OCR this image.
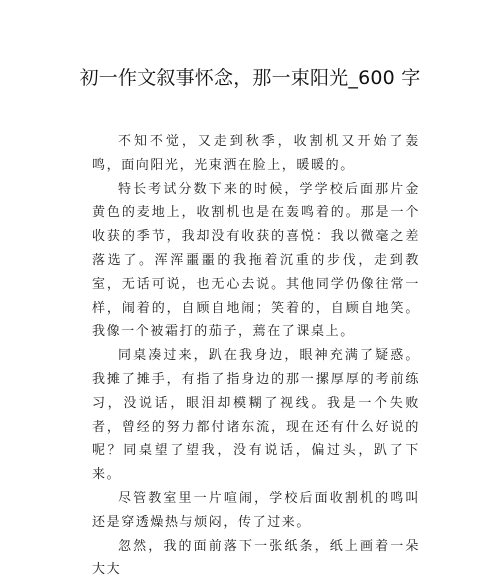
初一作文叙事怀念，那一束阳光_600 字

不知不觉，又走到秋季，收割机又开始了轰鸣，面向阳光，光束洒在脸上，暖暖的。

特长考试分数下来的时候，学学校后面那片金黄色的麦地上，收割机也是在轰鸣着的。那是一个收获的季节，我却没有收获的喜悦：我以微毫之差落选了。浑浑噩噩的我拖着沉重的步伐，走到教室，无话可说，也无心去说。其他同学仍像往常一样，闹着的，自顾自地闹；笑着的，自顾自地笑。我像一个被霜打的茄子，蔫在了课桌上。

同桌凑过来，趴在我身边，眼神充满了疑惑。我摊了摊手，有指了指身边的那一摞厚厚的考前练习，没说话，眼泪却模糊了视线。我是一个失败者，曾经的努力都付诸东流，现在还有什么好说的呢？同桌望了望我，没有说话，偏过头，趴了下来。

尽管教室里一片喧闹，学校后面收割机的鸣叫还是穿透燥热与烦闷，传了过来。

忽然，我的面前落下一张纸条，纸上画着一朵大大
